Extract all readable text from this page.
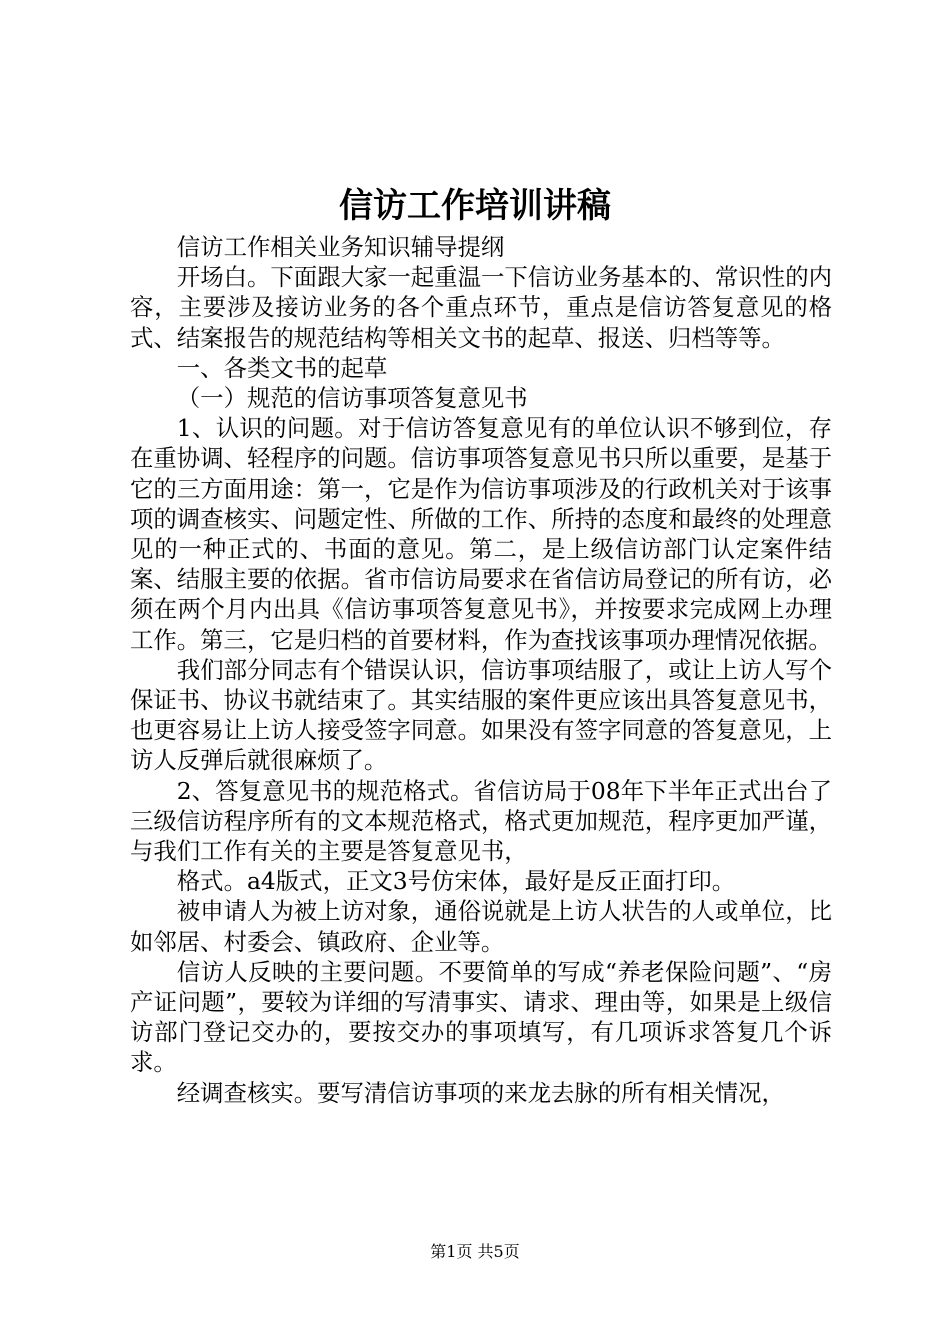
信访工作培训讲稿

信访工作相关业务知识辅导提纲

开场白。下面跟大家一起重温一下信访业务基本的、常识性的内容，主要涉及接访业务的各个重点环节，重点是信访答复意见的格式、结案报告的规范结构等相关文书的起草、报送、归档等等。

一、各类文书的起草

（一）规范的信访事项答复意见书

1、认识的问题。对于信访答复意见有的单位认识不够到位，存在重协调、轻程序的问题。信访事项答复意见书只所以重要，是基于它的三方面用途：第一，它是作为信访事项涉及的行政机关对于该事项的调查核实、问题定性、所做的工作、所持的态度和最终的处理意见的一种正式的、书面的意见。第二，是上级信访部门认定案件结案、结服主要的依据。省市信访局要求在省信访局登记的所有访，必须在两个月内出具《信访事项答复意见书》，并按要求完成网上办理工作。第三，它是归档的首要材料，作为查找该事项办理情况依据。

我们部分同志有个错误认识，信访事项结服了，或让上访人写个保证书、协议书就结束了。其实结服的案件更应该出具答复意见书，也更容易让上访人接受签字同意。如果没有签字同意的答复意见，上访人反弹后就很麻烦了。

2、答复意见书的规范格式。省信访局于08年下半年正式出台了三级信访程序所有的文本规范格式，格式更加规范，程序更加严谨，与我们工作有关的主要是答复意见书，

格式。a4版式，正文3号仿宋体，最好是反正面打印。

被申请人为被上访对象，通俗说就是上访人状告的人或单位，比如邻居、村委会、镇政府、企业等。

信访人反映的主要问题。不要简单的写成“养老保险问题”、“房产证问题”，要较为详细的写清事实、请求、理由等，如果是上级信访部门登记交办的，要按交办的事项填写，有几项诉求答复几个诉求。

经调查核实。要写清信访事项的来龙去脉的所有相关情况，

第1页 共5页
